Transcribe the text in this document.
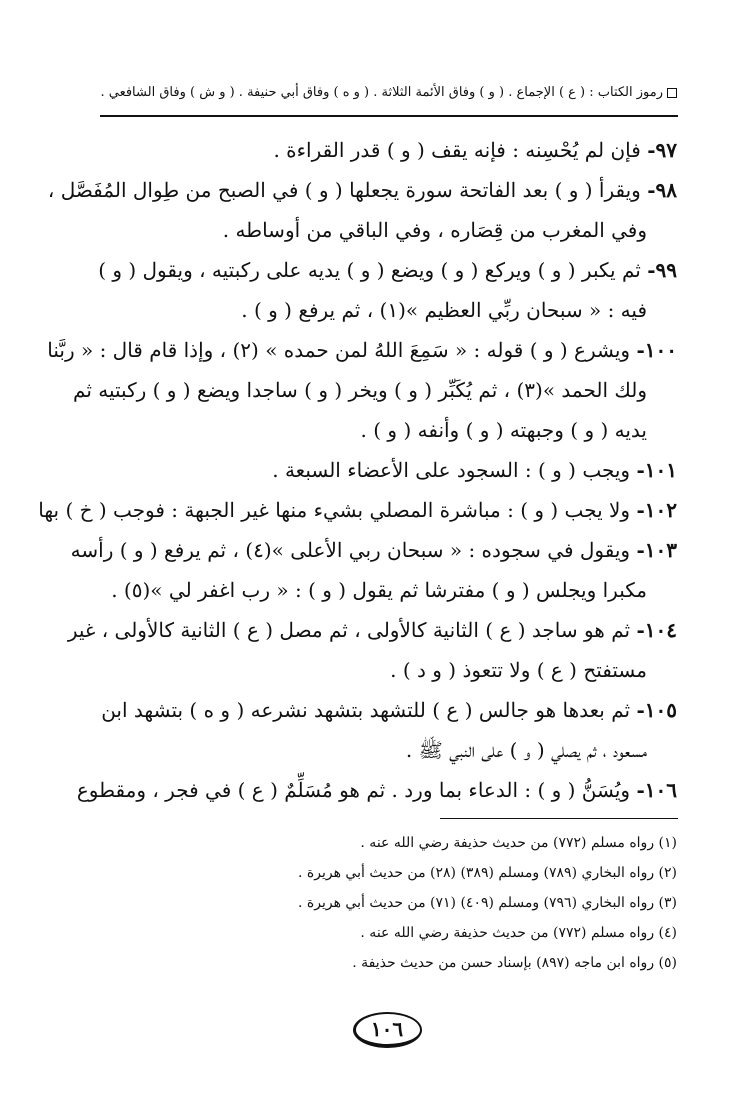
رموز الكتاب : ( ع ) الإجماع . ( و ) وفاق الأئمة الثلاثة . ( و ه ) وفاق أبي حنيفة . ( و ش ) وفاق الشافعي .
٩٧- فإن لم يُحْسِنه : فإنه يقف ( و ) قدر القراءة .
٩٨- ويقرأ ( و ) بعد الفاتحة سورة يجعلها ( و ) في الصبح من طِوال المُفَصَّل ،
وفي المغرب من قِصَاره ، وفي الباقي من أوساطه .
٩٩- ثم يكبر ( و ) ويركع ( و ) ويضع ( و ) يديه على ركبتيه ، ويقول ( و )
فيه : « سبحان ربِّي العظيم »(١) ، ثم يرفع ( و ) .
١٠٠- ويشرع ( و ) قوله : « سَمِعَ اللهُ لمن حمده » (٢) ، وإذا قام قال : « ربَّنا
ولك الحمد »(٣) ، ثم يُكَبِّر ( و ) ويخر ( و ) ساجدا ويضع ( و ) ركبتيه ثم
يديه ( و ) وجبهته ( و ) وأنفه ( و ) .
١٠١- ويجب ( و ) : السجود على الأعضاء السبعة .
١٠٢- ولا يجب ( و ) : مباشرة المصلي بشيء منها غير الجبهة : فوجب ( خ ) بها
١٠٣- ويقول في سجوده : « سبحان ربي الأعلى »(٤) ، ثم يرفع ( و ) رأسه
مكبرا ويجلس ( و ) مفترشا ثم يقول ( و ) : « رب اغفر لي »(٥) .
١٠٤- ثم هو ساجد ( ع ) الثانية كالأولى ، ثم مصل ( ع ) الثانية كالأولى ، غير
مستفتح ( ع ) ولا تتعوذ ( و د ) .
١٠٥- ثم بعدها هو جالس ( ع ) للتشهد بتشهد نشرعه ( و ه ) بتشهد ابن
مسعود ، ثم يصلي ( و ) على النبي ﷺ .
١٠٦- ويُسَنُّ ( و ) : الدعاء بما ورد . ثم هو مُسَلِّمٌ ( ع ) في فجر ، ومقطوع
(١) رواه مسلم (٧٧٢) من حديث حذيفة رضي الله عنه .
(٢) رواه البخاري (٧٨٩) ومسلم (٣٨٩) (٢٨) من حديث أبي هريرة .
(٣) رواه البخاري (٧٩٦) ومسلم (٤٠٩) (٧١) من حديث أبي هريرة .
(٤) رواه مسلم (٧٧٢) من حديث حذيفة رضي الله عنه .
(٥) رواه ابن ماجه (٨٩٧) بإسناد حسن من حديث حذيفة .
١٠٦
